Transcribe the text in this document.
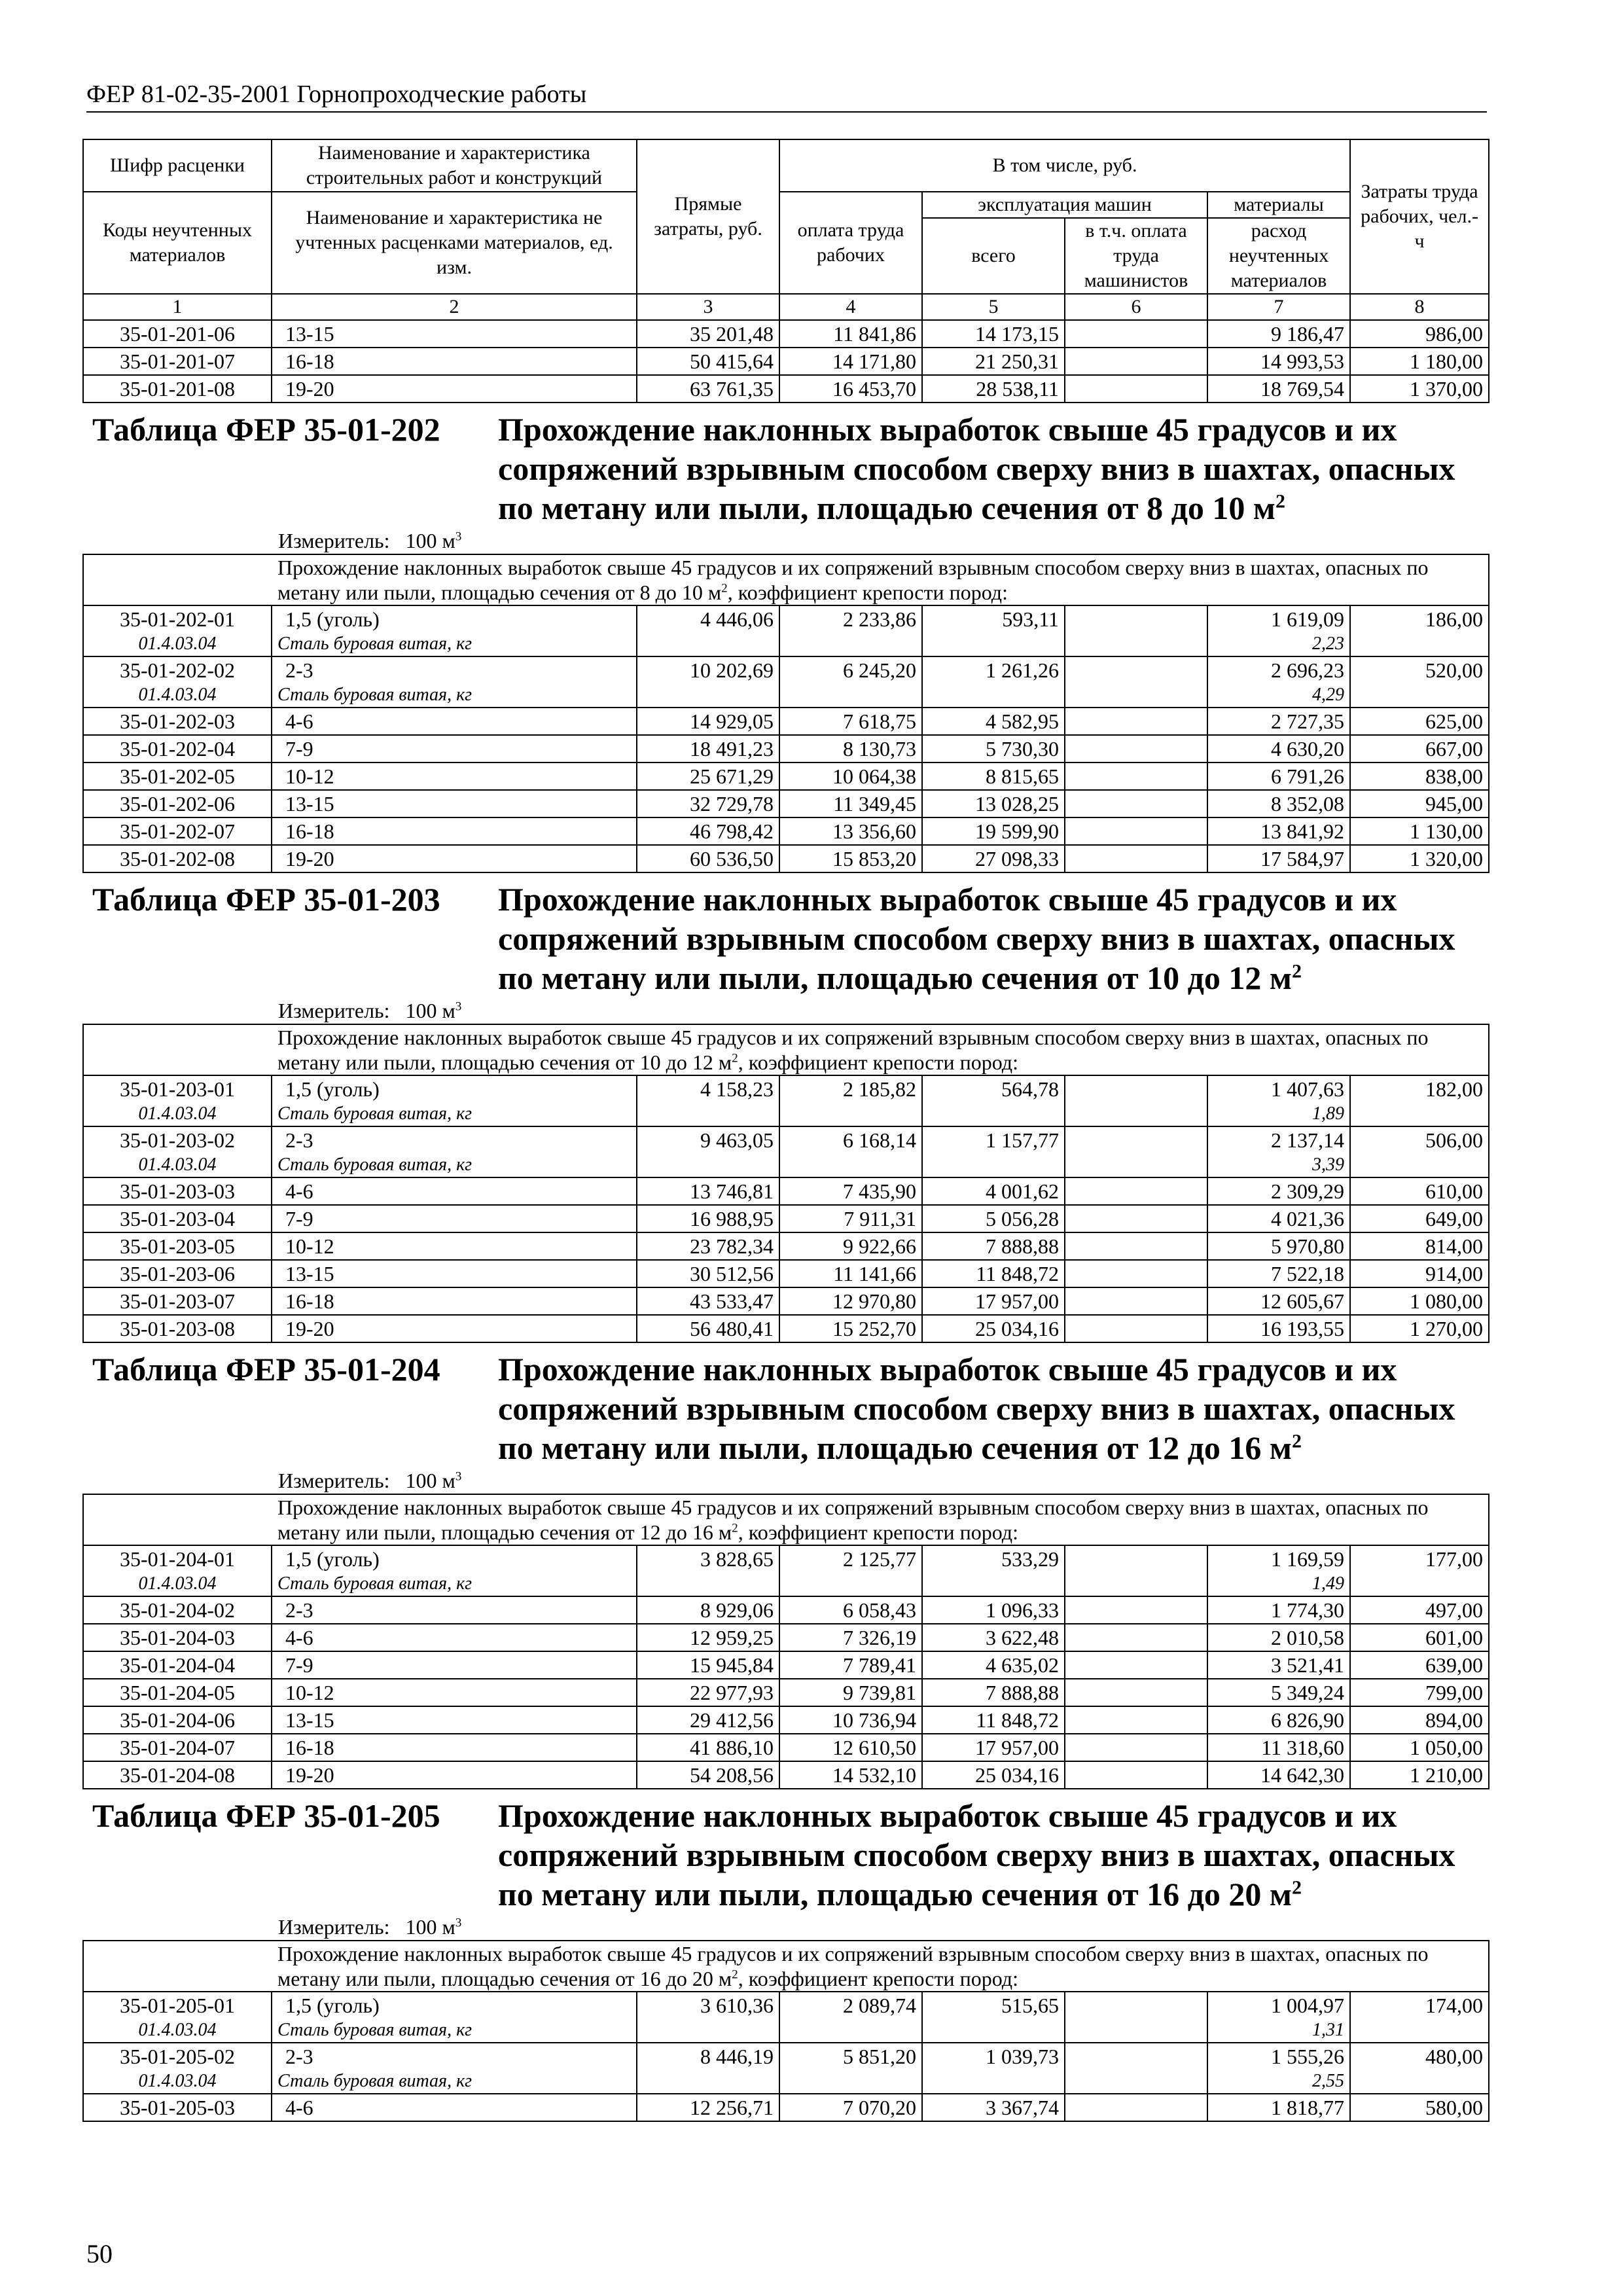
ФЕР 81-02-35-2001 Горнопроходческие работы
Шифр расценки	Наименование и характеристика строительных работ и конструкций	Прямые затраты, руб.	В том числе, руб.				Затраты труда рабочих, чел.-ч
Коды неучтенных материалов	Наименование и характеристика не учтенных расценками материалов, ед. изм.		оплата труда рабочих	эксплуатация машин		материалы	
				всего	в т.ч. оплата труда машинистов	расход неучтенных материалов	
1	2	3	4	5	6	7	8
35-01-201-06	13-15	35 201,48	11 841,86	14 173,15		9 186,47	986,00
35-01-201-07	16-18	50 415,64	14 171,80	21 250,31		14 993,53	1 180,00
35-01-201-08	19-20	63 761,35	16 453,70	28 538,11		18 769,54	1 370,00

Таблица ФЕР 35-01-202 Прохождение наклонных выработок свыше 45 градусов и их сопряжений взрывным способом сверху вниз в шахтах, опасных по метану или пыли, площадью сечения от 8 до 10 $м^2$

Измеритель: 100 $м^3$
Прохождение наклонных выработок свыше 45 градусов и их сопряжений взрывным способом сверху вниз в шахтах, опасных по метану или пыли, площадью сечения от 8 до 10 $м^2$, коэффициент крепости пород:							
35-01-202-01	1,5 (уголь)	4 446,06	2 233,86	593,11		1 619,09	186,00
01.4.03.04	Сталь буровая витая, кг					2,23	
35-01-202-02	2-3	10 202,69	6 245,20	1 261,26		2 696,23	520,00
01.4.03.04	Сталь буровая витая, кг					4,29	
35-01-202-03	4-6	14 929,05	7 618,75	4 582,95		2 727,35	625,00
35-01-202-04	7-9	18 491,23	8 130,73	5 730,30		4 630,20	667,00
35-01-202-05	10-12	25 671,29	10 064,38	8 815,65		6 791,26	838,00
35-01-202-06	13-15	32 729,78	11 349,45	13 028,25		8 352,08	945,00
35-01-202-07	16-18	46 798,42	13 356,60	19 599,90		13 841,92	1 130,00
35-01-202-08	19-20	60 536,50	15 853,20	27 098,33		17 584,97	1 320,00

Таблица ФЕР 35-01-203 Прохождение наклонных выработок свыше 45 градусов и их сопряжений взрывным способом сверху вниз в шахтах, опасных по метану или пыли, площадью сечения от 10 до 12 $м^2$

Измеритель: 100 $м^3$
Прохождение наклонных выработок свыше 45 градусов и их сопряжений взрывным способом сверху вниз в шахтах, опасных по метану или пыли, площадью сечения от 10 до 12 $м^2$, коэффициент крепости пород:							
35-01-203-01	1,5 (уголь)	4 158,23	2 185,82	564,78		1 407,63	182,00
01.4.03.04	Сталь буровая витая, кг					1,89	
35-01-203-02	2-3	9 463,05	6 168,14	1 157,77		2 137,14	506,00
01.4.03.04	Сталь буровая витая, кг					3,39	
35-01-203-03	4-6	13 746,81	7 435,90	4 001,62		2 309,29	610,00
35-01-203-04	7-9	16 988,95	7 911,31	5 056,28		4 021,36	649,00
35-01-203-05	10-12	23 782,34	9 922,66	7 888,88		5 970,80	814,00
35-01-203-06	13-15	30 512,56	11 141,66	11 848,72		7 522,18	914,00
35-01-203-07	16-18	43 533,47	12 970,80	17 957,00		12 605,67	1 080,00
35-01-203-08	19-20	56 480,41	15 252,70	25 034,16		16 193,55	1 270,00

Таблица ФЕР 35-01-204 Прохождение наклонных выработок свыше 45 градусов и их сопряжений взрывным способом сверху вниз в шахтах, опасных по метану или пыли, площадью сечения от 12 до 16 $м^2$

Измеритель: 100 $м^3$
Прохождение наклонных выработок свыше 45 градусов и их сопряжений взрывным способом сверху вниз в шахтах, опасных по метану или пыли, площадью сечения от 12 до 16 $м^2$, коэффициент крепости пород:							
35-01-204-01	1,5 (уголь)	3 828,65	2 125,77	533,29		1 169,59	177,00
01.4.03.04	Сталь буровая витая, кг					1,49	
35-01-204-02	2-3	8 929,06	6 058,43	1 096,33		1 774,30	497,00
35-01-204-03	4-6	12 959,25	7 326,19	3 622,48		2 010,58	601,00
35-01-204-04	7-9	15 945,84	7 789,41	4 635,02		3 521,41	639,00
35-01-204-05	10-12	22 977,93	9 739,81	7 888,88		5 349,24	799,00
35-01-204-06	13-15	29 412,56	10 736,94	11 848,72		6 826,90	894,00
35-01-204-07	16-18	41 886,10	12 610,50	17 957,00		11 318,60	1 050,00
35-01-204-08	19-20	54 208,56	14 532,10	25 034,16		14 642,30	1 210,00

Таблица ФЕР 35-01-205 Прохождение наклонных выработок свыше 45 градусов и их сопряжений взрывным способом сверху вниз в шахтах, опасных по метану или пыли, площадью сечения от 16 до 20 $м^2$

Измеритель: 100 $м^3$
Прохождение наклонных выработок свыше 45 градусов и их сопряжений взрывным способом сверху вниз в шахтах, опасных по метану или пыли, площадью сечения от 16 до 20 $м^2$, коэффициент крепости пород:							
35-01-205-01	1,5 (уголь)	3 610,36	2 089,74	515,65		1 004,97	174,00
01.4.03.04	Сталь буровая витая, кг					1,31	
35-01-205-02	2-3	8 446,19	5 851,20	1 039,73		1 555,26	480,00
01.4.03.04	Сталь буровая витая, кг					2,55	
35-01-205-03	4-6	12 256,71	7 070,20	3 367,74		1 818,77	580,00
50
